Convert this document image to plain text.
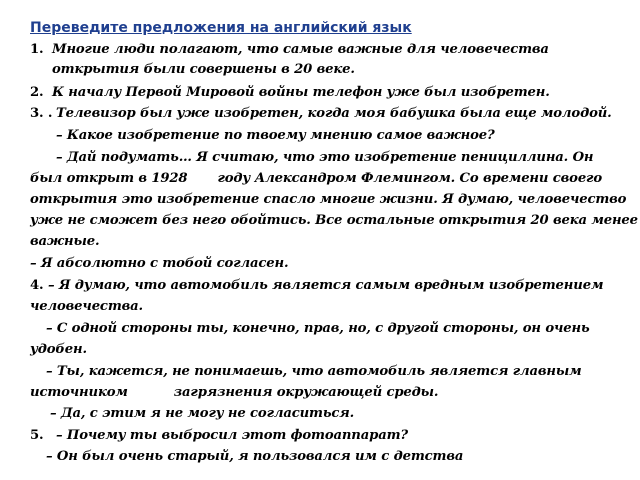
Переведите предложения на английский язык
1. Многие люди полагают, что самые важные для человечества
открытия были совершены в 20 веке.
2. К началу Первой Мировой войны телефон уже был изобретен.
3. . Телевизор был уже изобретен, когда моя бабушка была еще молодой.
– Какое изобретение по твоему мнению самое важное?
– Дай подумать… Я считаю, что это изобретение пенициллина. Он
был открыт в 1928 году Александром Флемингом. Со времени своего
открытия это изобретение спасло многие жизни. Я думаю, человечество
уже не сможет без него обойтись. Все остальные открытия 20 века менее
важные.
– Я абсолютно с тобой согласен.
4. – Я думаю, что автомобиль является самым вредным изобретением
человечества.
– С одной стороны ты, конечно, прав, но, с другой стороны, он очень
удобен.
– Ты, кажется, не понимаешь, что автомобиль является главным
источником	загрязнения окружающей среды.
– Да, с этим я не могу не согласиться.
5. – Почему ты выбросил этот фотоаппарат?
– Он был очень старый, я пользовался им с детства
